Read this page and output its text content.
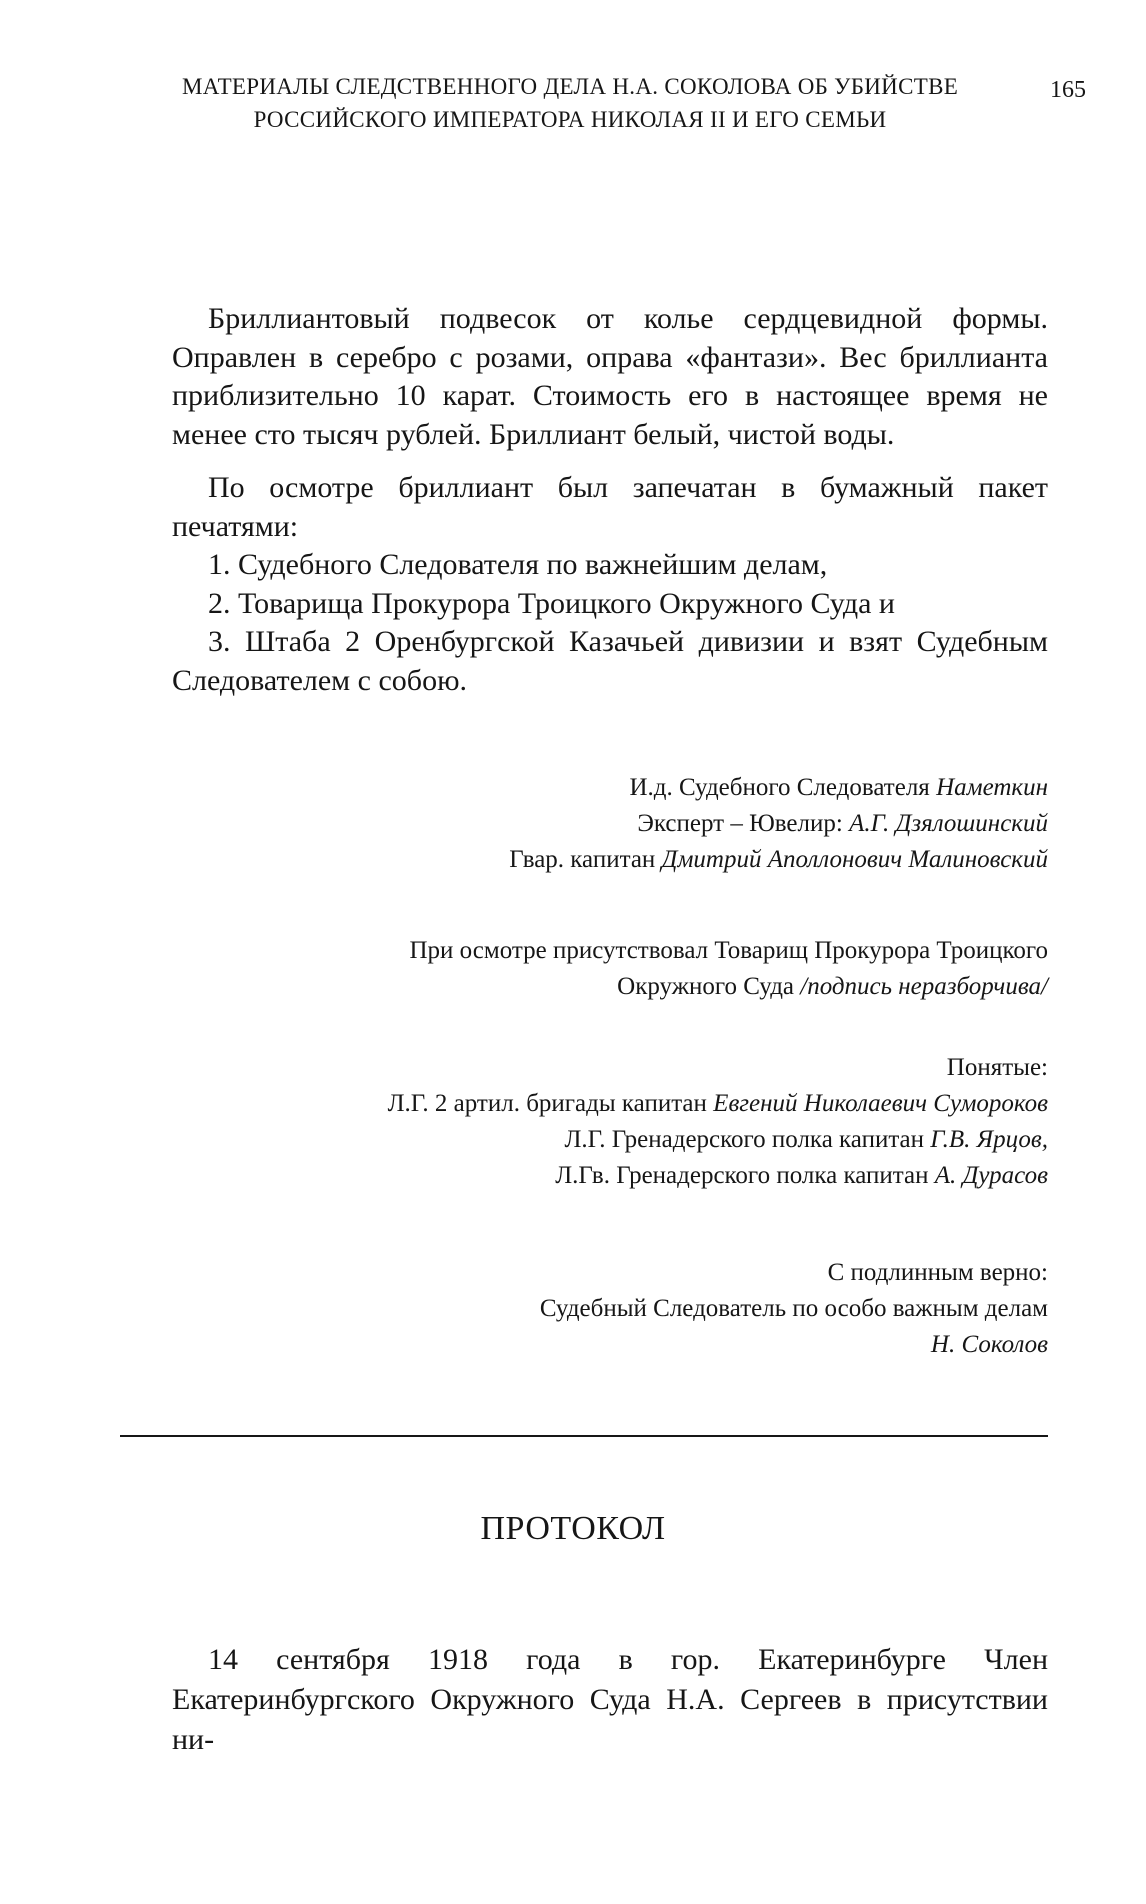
МАТЕРИАЛЫ СЛЕДСТВЕННОГО ДЕЛА Н.А. СОКОЛОВА ОБ УБИЙСТВЕ
РОССИЙСКОГО ИМПЕРАТОРА НИКОЛАЯ II И ЕГО СЕМЬИ
165

Бриллиантовый подвесок от колье сердцевидной формы. Оправлен в серебро с розами, оправа «фантази». Вес бриллианта приблизительно 10 карат. Стоимость его в настоящее время не менее сто тысяч рублей. Бриллиант белый, чистой воды.

По осмотре бриллиант был запечатан в бумажный пакет печатями:

1. Судебного Следователя по важнейшим делам,

2. Товарища Прокурора Троицкого Окружного Суда и

3. Штаба 2 Оренбургской Казачьей дивизии и взят Судебным Следователем с собою.

И.д. Судебного Следователя Наметкин
Эксперт – Ювелир: А.Г. Дзялошинский
Гвар. капитан Дмитрий Аполлонович Малиновский
При осмотре присутствовал Товарищ Прокурора Троицкого
Окружного Суда /подпись неразборчива/
Понятые:
Л.Г. 2 артил. бригады капитан Евгений Николаевич Сумороков
Л.Г. Гренадерского полка капитан Г.В. Ярцов,
Л.Гв. Гренадерского полка капитан А. Дурасов
С подлинным верно:
Судебный Следователь по особо важным делам
Н. Соколов
ПРОТОКОЛ

14 сентября 1918 года в гор. Екатеринбурге Член Екатеринбургского Окружного Суда Н.А. Сергеев в присутствии ни-
